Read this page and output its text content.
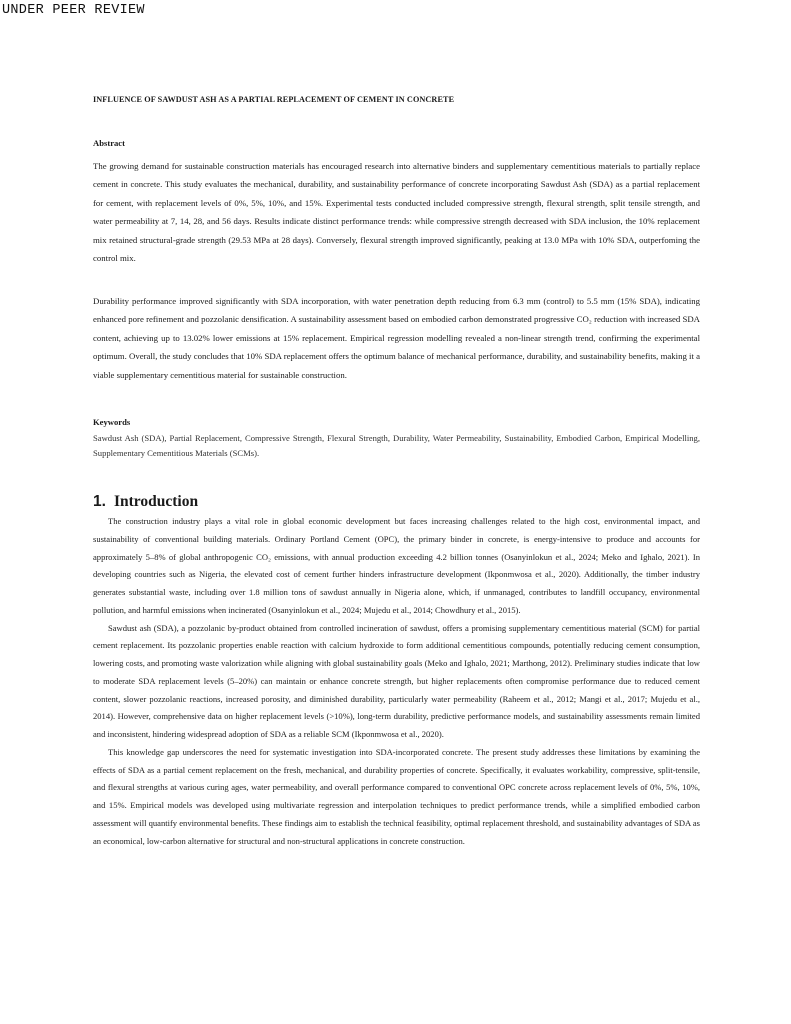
UNDER PEER REVIEW
INFLUENCE OF SAWDUST ASH AS A PARTIAL REPLACEMENT OF CEMENT IN CONCRETE
Abstract

The growing demand for sustainable construction materials has encouraged research into alternative binders and supplementary cementitious materials to partially replace cement in concrete. This study evaluates the mechanical, durability, and sustainability performance of concrete incorporating Sawdust Ash (SDA) as a partial replacement for cement, with replacement levels of 0%, 5%, 10%, and 15%. Experimental tests conducted included compressive strength, flexural strength, split tensile strength, and water permeability at 7, 14, 28, and 56 days. Results indicate distinct performance trends: while compressive strength decreased with SDA inclusion, the 10% replacement mix retained structural-grade strength (29.53 MPa at 28 days). Conversely, flexural strength improved significantly, peaking at 13.0 MPa with 10% SDA, outperfoming the control mix.

Durability performance improved significantly with SDA incorporation, with water penetration depth reducing from 6.3 mm (control) to 5.5 mm (15% SDA), indicating enhanced pore refinement and pozzolanic densification. A sustainability assessment based on embodied carbon demonstrated progressive CO₂ reduction with increased SDA content, achieving up to 13.02% lower emissions at 15% replacement. Empirical regression modelling revealed a non-linear strength trend, confirming the experimental optimum. Overall, the study concludes that 10% SDA replacement offers the optimum balance of mechanical performance, durability, and sustainability benefits, making it a viable supplementary cementitious material for sustainable construction.

Keywords
Sawdust Ash (SDA), Partial Replacement, Compressive Strength, Flexural Strength, Durability, Water Permeability, Sustainability, Embodied Carbon, Empirical Modelling, Supplementary Cementitious Materials (SCMs).
1. Introduction

The construction industry plays a vital role in global economic development but faces increasing challenges related to the high cost, environmental impact, and sustainability of conventional building materials. Ordinary Portland Cement (OPC), the primary binder in concrete, is energy-intensive to produce and accounts for approximately 5–8% of global anthropogenic CO₂ emissions, with annual production exceeding 4.2 billion tonnes (Osanyinlokun et al., 2024; Meko and Ighalo, 2021). In developing countries such as Nigeria, the elevated cost of cement further hinders infrastructure development (Ikponmwosa et al., 2020). Additionally, the timber industry generates substantial waste, including over 1.8 million tons of sawdust annually in Nigeria alone, which, if unmanaged, contributes to landfill occupancy, environmental pollution, and harmful emissions when incinerated (Osanyinlokun et al., 2024; Mujedu et al., 2014; Chowdhury et al., 2015).

Sawdust ash (SDA), a pozzolanic by-product obtained from controlled incineration of sawdust, offers a promising supplementary cementitious material (SCM) for partial cement replacement. Its pozzolanic properties enable reaction with calcium hydroxide to form additional cementitious compounds, potentially reducing cement consumption, lowering costs, and promoting waste valorization while aligning with global sustainability goals (Meko and Ighalo, 2021; Marthong, 2012). Preliminary studies indicate that low to moderate SDA replacement levels (5–20%) can maintain or enhance concrete strength, but higher replacements often compromise performance due to reduced cement content, slower pozzolanic reactions, increased porosity, and diminished durability, particularly water permeability (Raheem et al., 2012; Mangi et al., 2017; Mujedu et al., 2014). However, comprehensive data on higher replacement levels (>10%), long-term durability, predictive performance models, and sustainability assessments remain limited and inconsistent, hindering widespread adoption of SDA as a reliable SCM (Ikponmwosa et al., 2020).

This knowledge gap underscores the need for systematic investigation into SDA-incorporated concrete. The present study addresses these limitations by examining the effects of SDA as a partial cement replacement on the fresh, mechanical, and durability properties of concrete. Specifically, it evaluates workability, compressive, split-tensile, and flexural strengths at various curing ages, water permeability, and overall performance compared to conventional OPC concrete across replacement levels of 0%, 5%, 10%, and 15%. Empirical models was developed using multivariate regression and interpolation techniques to predict performance trends, while a simplified embodied carbon assessment will quantify environmental benefits. These findings aim to establish the technical feasibility, optimal replacement threshold, and sustainability advantages of SDA as an economical, low-carbon alternative for structural and non-structural applications in concrete construction.
